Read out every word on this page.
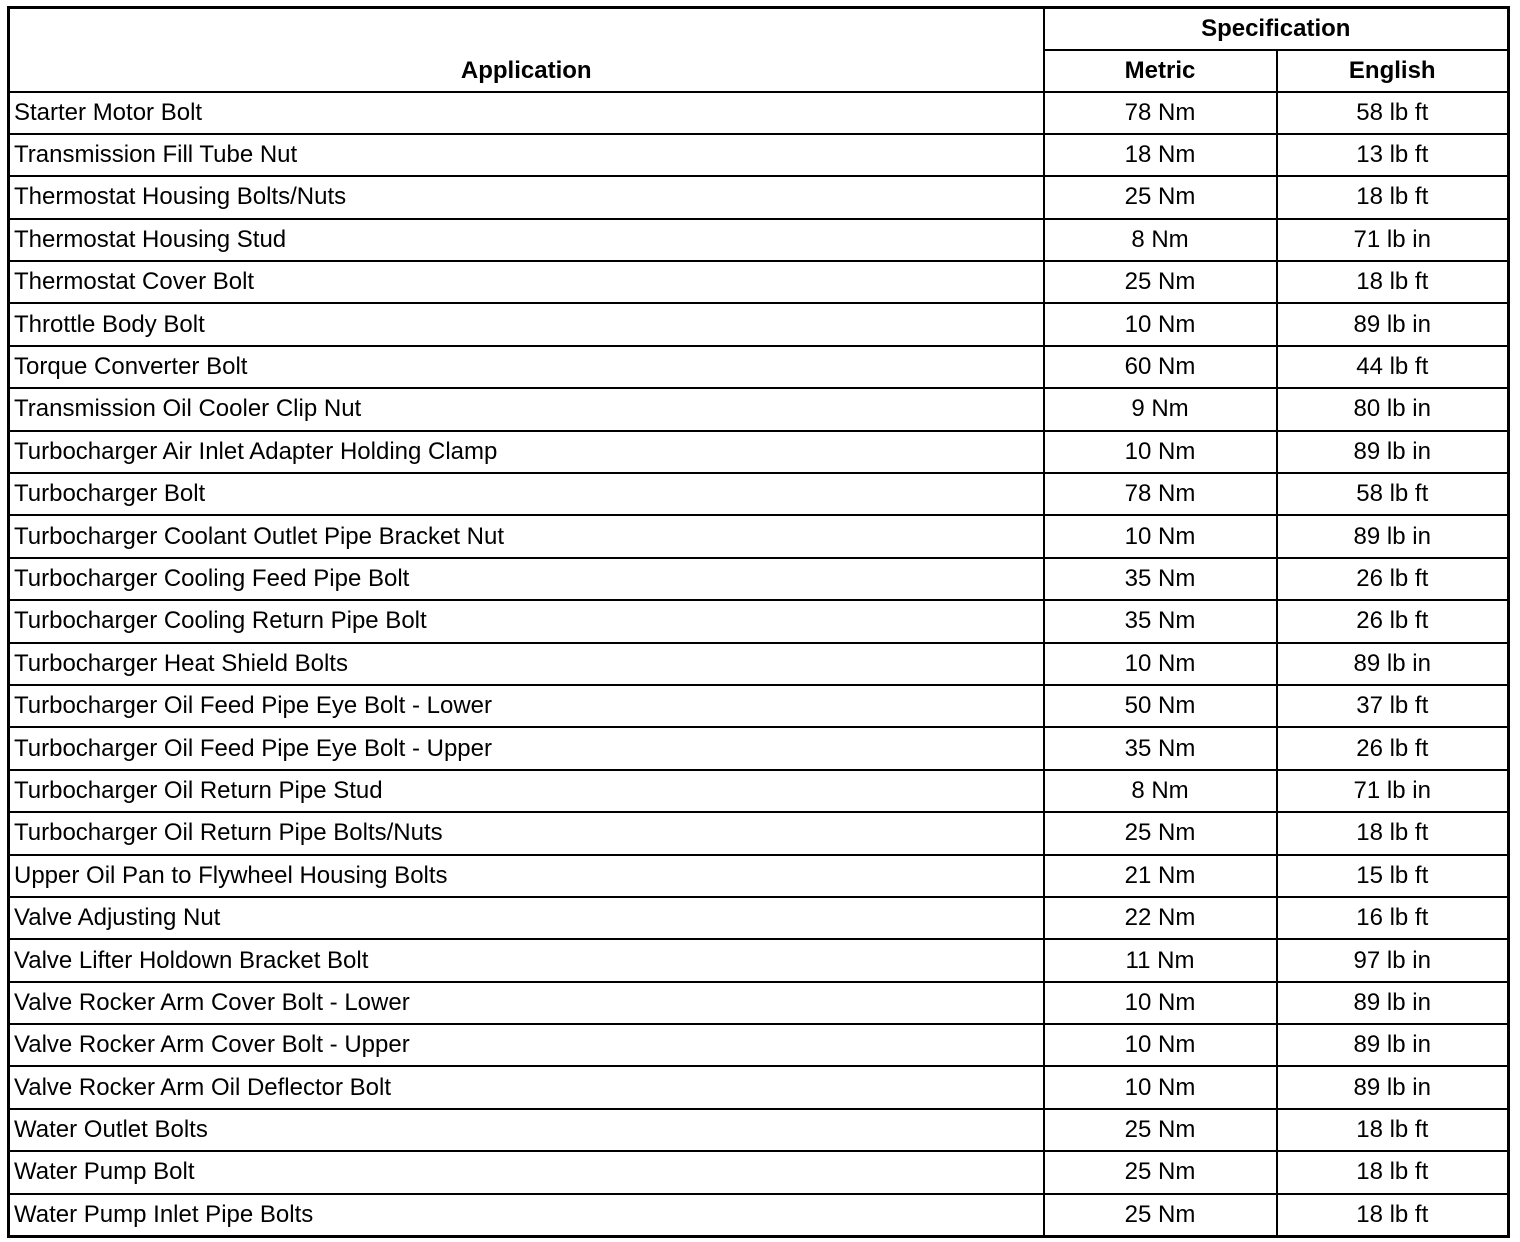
Application	Specification	
	Metric	English
Starter Motor Bolt	78 Nm	58 lb ft
Transmission Fill Tube Nut	18 Nm	13 lb ft
Thermostat Housing Bolts/Nuts	25 Nm	18 lb ft
Thermostat Housing Stud	8 Nm	71 lb in
Thermostat Cover Bolt	25 Nm	18 lb ft
Throttle Body Bolt	10 Nm	89 lb in
Torque Converter Bolt	60 Nm	44 lb ft
Transmission Oil Cooler Clip Nut	9 Nm	80 lb in
Turbocharger Air Inlet Adapter Holding Clamp	10 Nm	89 lb in
Turbocharger Bolt	78 Nm	58 lb ft
Turbocharger Coolant Outlet Pipe Bracket Nut	10 Nm	89 lb in
Turbocharger Cooling Feed Pipe Bolt	35 Nm	26 lb ft
Turbocharger Cooling Return Pipe Bolt	35 Nm	26 lb ft
Turbocharger Heat Shield Bolts	10 Nm	89 lb in
Turbocharger Oil Feed Pipe Eye Bolt - Lower	50 Nm	37 lb ft
Turbocharger Oil Feed Pipe Eye Bolt - Upper	35 Nm	26 lb ft
Turbocharger Oil Return Pipe Stud	8 Nm	71 lb in
Turbocharger Oil Return Pipe Bolts/Nuts	25 Nm	18 lb ft
Upper Oil Pan to Flywheel Housing Bolts	21 Nm	15 lb ft
Valve Adjusting Nut	22 Nm	16 lb ft
Valve Lifter Holdown Bracket Bolt	11 Nm	97 lb in
Valve Rocker Arm Cover Bolt - Lower	10 Nm	89 lb in
Valve Rocker Arm Cover Bolt - Upper	10 Nm	89 lb in
Valve Rocker Arm Oil Deflector Bolt	10 Nm	89 lb in
Water Outlet Bolts	25 Nm	18 lb ft
Water Pump Bolt	25 Nm	18 lb ft
Water Pump Inlet Pipe Bolts	25 Nm	18 lb ft
